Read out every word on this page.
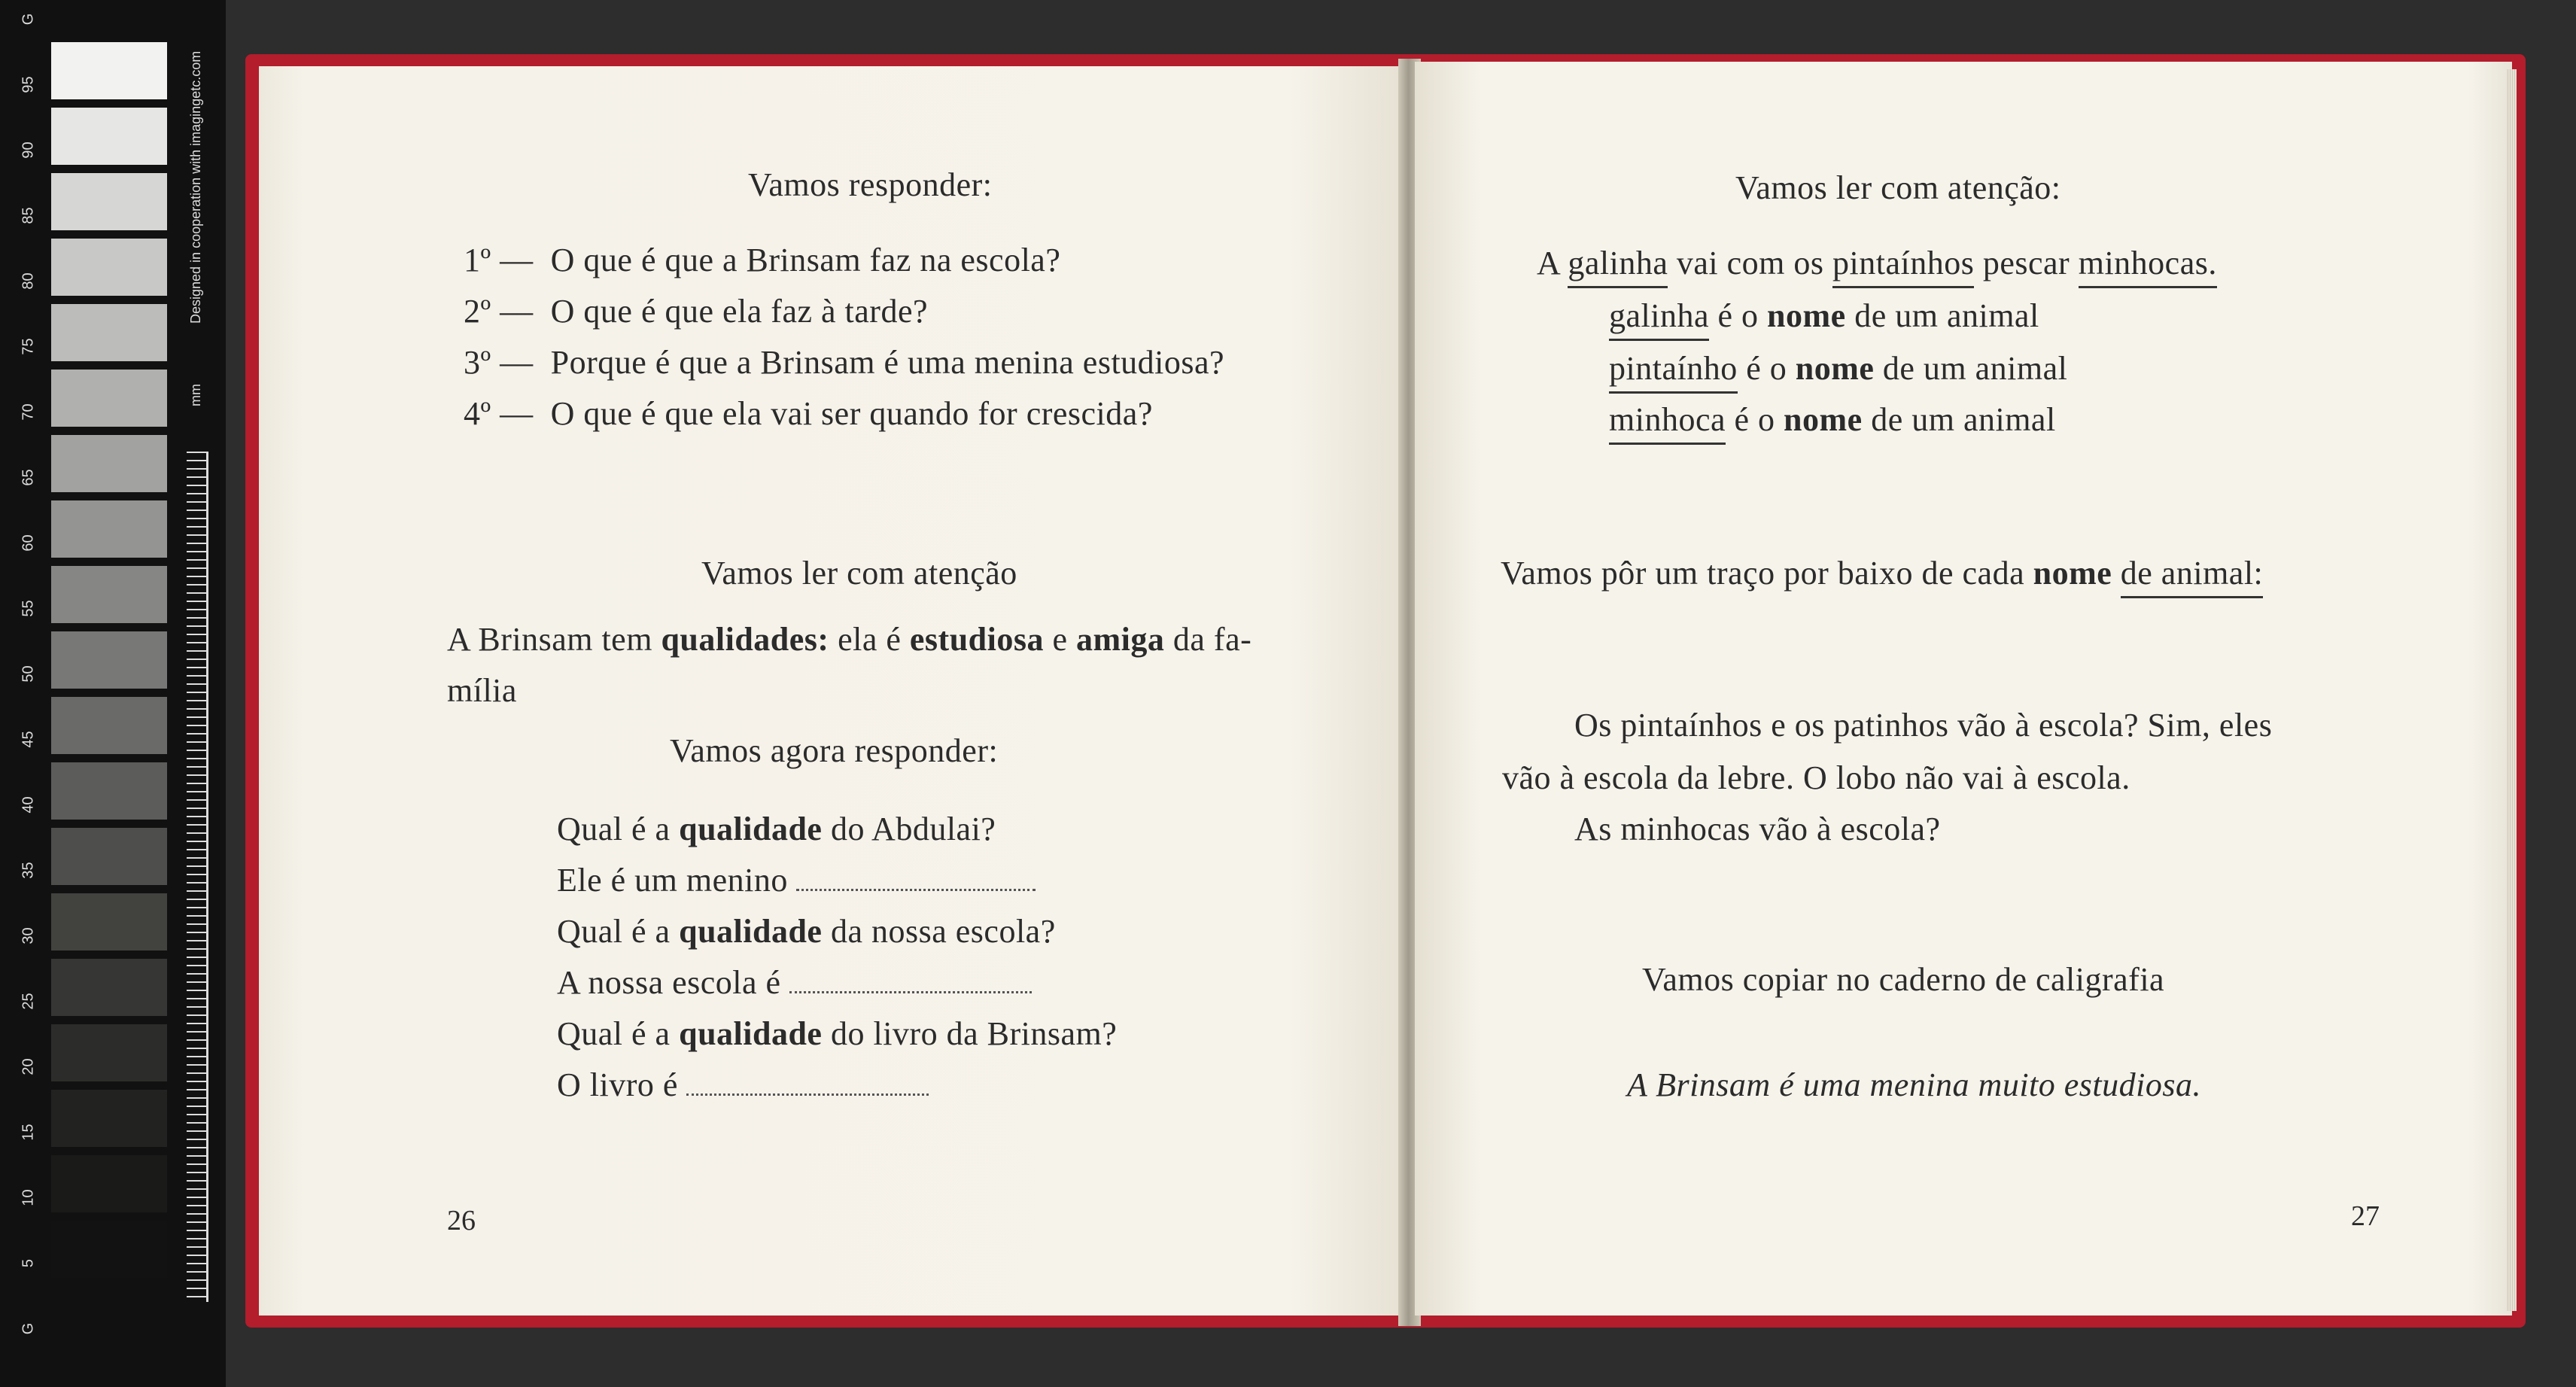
G
95
90
85
80
75
70
65
60
55
50
45
40
35
30
25
20
15
10
5
G
mm
Designed in cooperation with imagingetc.com	Vamos responder:
1º — O que é que a Brinsam faz na escola?
2º — O que é que ela faz à tarde?
3º — Porque é que a Brinsam é uma menina estudiosa?
4º — O que é que ela vai ser quando for crescida?
Vamos ler com atenção
A Brinsam tem qualidades: ela é estudiosa e amiga da fa-
mília
Vamos agora responder:
Qual é a qualidade do Abdulai?
Ele é um menino
Qual é a qualidade da nossa escola?
A nossa escola é
Qual é a qualidade do livro da Brinsam?
O livro é
26
Vamos ler com atenção:
A galinha vai com os pintaínhos pescar minhocas.
galinha é o nome de um animal
pintaínho é o nome de um animal
minhoca é o nome de um animal
Vamos pôr um traço por baixo de cada nome de animal:
Os pintaínhos e os patinhos vão à escola? Sim, eles
vão à escola da lebre. O lobo não vai à escola.
As minhocas vão à escola?
Vamos copiar no caderno de caligrafia
A Brinsam é uma menina muito estudiosa.
27
